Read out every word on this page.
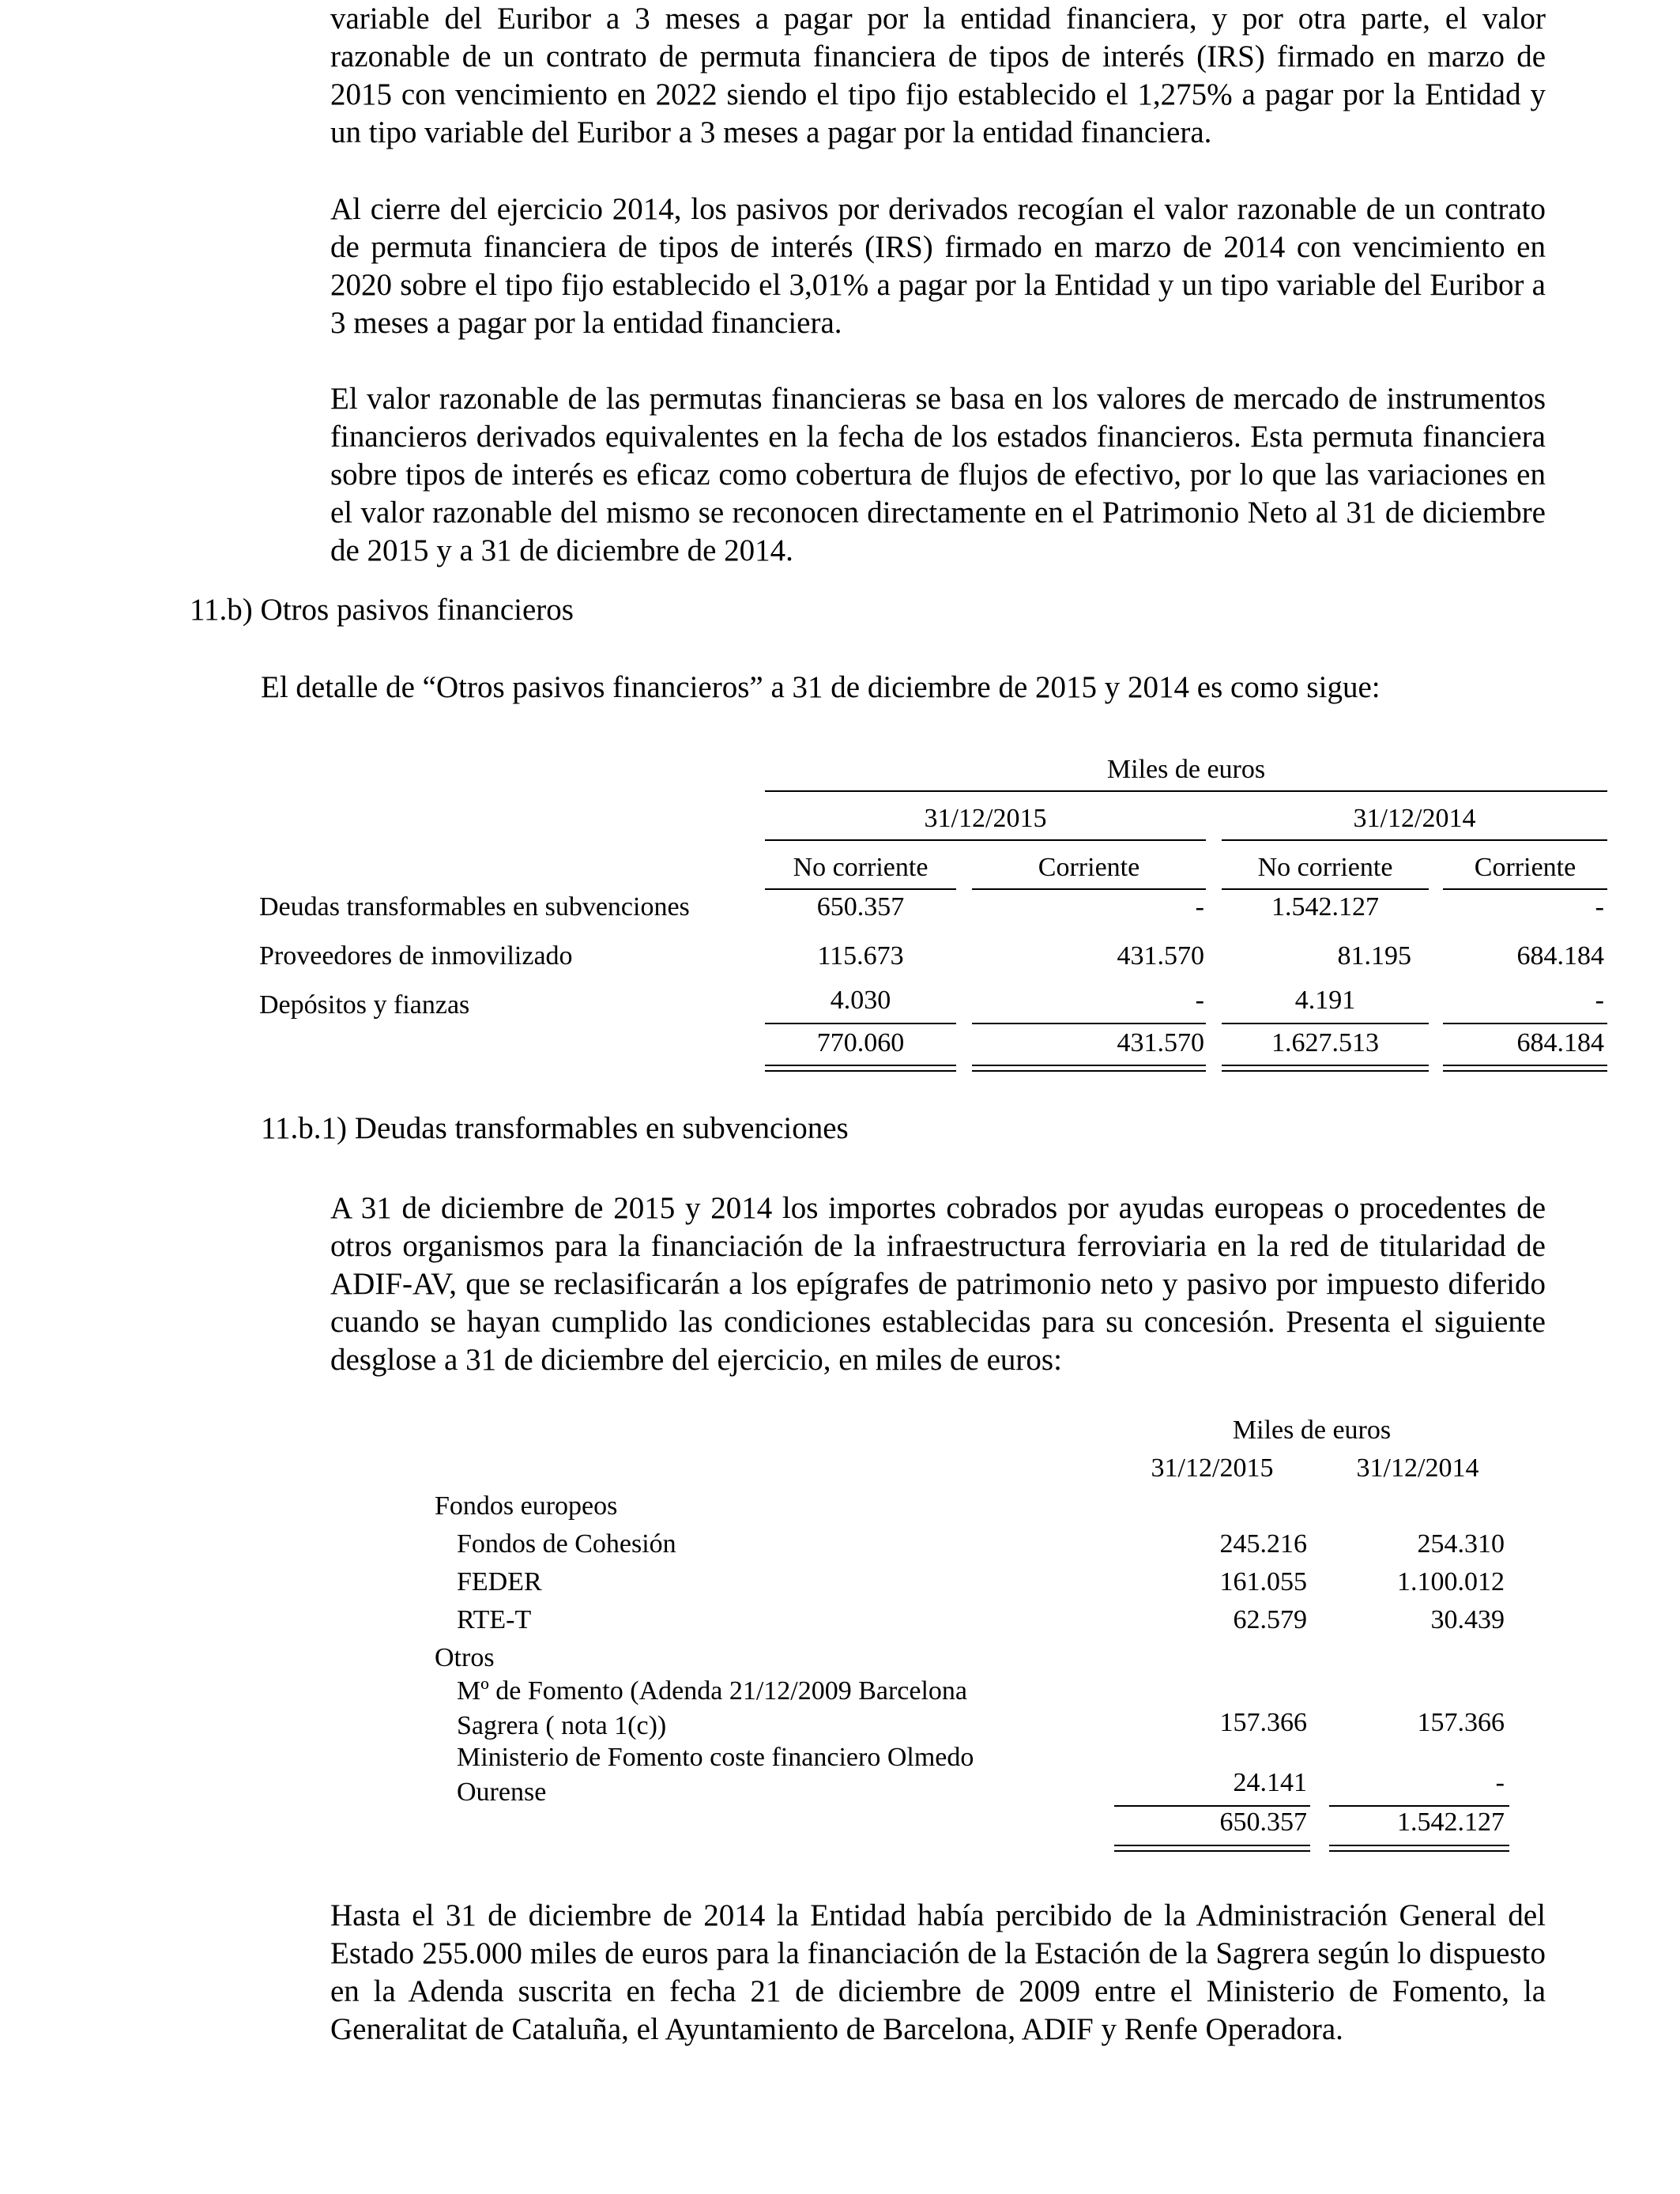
variable del Euribor a 3 meses a pagar por la entidad financiera, y por otra parte, el valor razonable de un contrato de permuta financiera de tipos de interés (IRS) firmado en marzo de 2015 con vencimiento en 2022 siendo el tipo fijo establecido el 1,275% a pagar por la Entidad y un tipo variable del Euribor a 3 meses a pagar por la entidad financiera.

Al cierre del ejercicio 2014, los pasivos por derivados recogían el valor razonable de un contrato de permuta financiera de tipos de interés (IRS) firmado en marzo de 2014 con vencimiento en 2020 sobre el tipo fijo establecido el 3,01% a pagar por la Entidad y un tipo variable del Euribor a 3 meses a pagar por la entidad financiera.

El valor razonable de las permutas financieras se basa en los valores de mercado de instrumentos financieros derivados equivalentes en la fecha de los estados financieros. Esta permuta financiera sobre tipos de interés es eficaz como cobertura de flujos de efectivo, por lo que las variaciones en el valor razonable del mismo se reconocen directamente en el Patrimonio Neto al 31 de diciembre de 2015 y a 31 de diciembre de 2014.

11.b) Otros pasivos financieros
El detalle de “Otros pasivos financieros” a 31 de diciembre de 2015 y 2014 es como sigue:
Miles de euros
31/12/2015	31/12/2014
No corriente	Corriente	No corriente	Corriente
Deudas transformables en subvenciones	650.357	-	1.542.127	-
Proveedores de inmovilizado	115.673	431.570	81.195	684.184
Depósitos y fianzas	4.030	-	4.191	-
770.060	431.570	1.627.513	684.184
11.b.1) Deudas transformables en subvenciones

A 31 de diciembre de 2015 y 2014 los importes cobrados por ayudas europeas o procedentes de otros organismos para la financiación de la infraestructura ferroviaria en la red de titularidad de ADIF-AV, que se reclasificarán a los epígrafes de patrimonio neto y pasivo por impuesto diferido cuando se hayan cumplido las condiciones establecidas para su concesión. Presenta el siguiente desglose a 31 de diciembre del ejercicio, en miles de euros:

Miles de euros
31/12/2015	31/12/2014
Fondos europeos
Fondos de Cohesión	245.216	254.310
FEDER	161.055	1.100.012
RTE-T	62.579	30.439
Otros
Mº de Fomento (Adenda 21/12/2009 Barcelona
Sagrera ( nota 1(c))	157.366	157.366
Ministerio de Fomento coste financiero Olmedo
Ourense	24.141	-
650.357	1.542.127

Hasta el 31 de diciembre de 2014 la Entidad había percibido de la Administración General del Estado 255.000 miles de euros para la financiación de la Estación de la Sagrera según lo dispuesto en la Adenda suscrita en fecha 21 de diciembre de 2009 entre el Ministerio de Fomento, la Generalitat de Cataluña, el Ayuntamiento de Barcelona, ADIF y Renfe Operadora.
